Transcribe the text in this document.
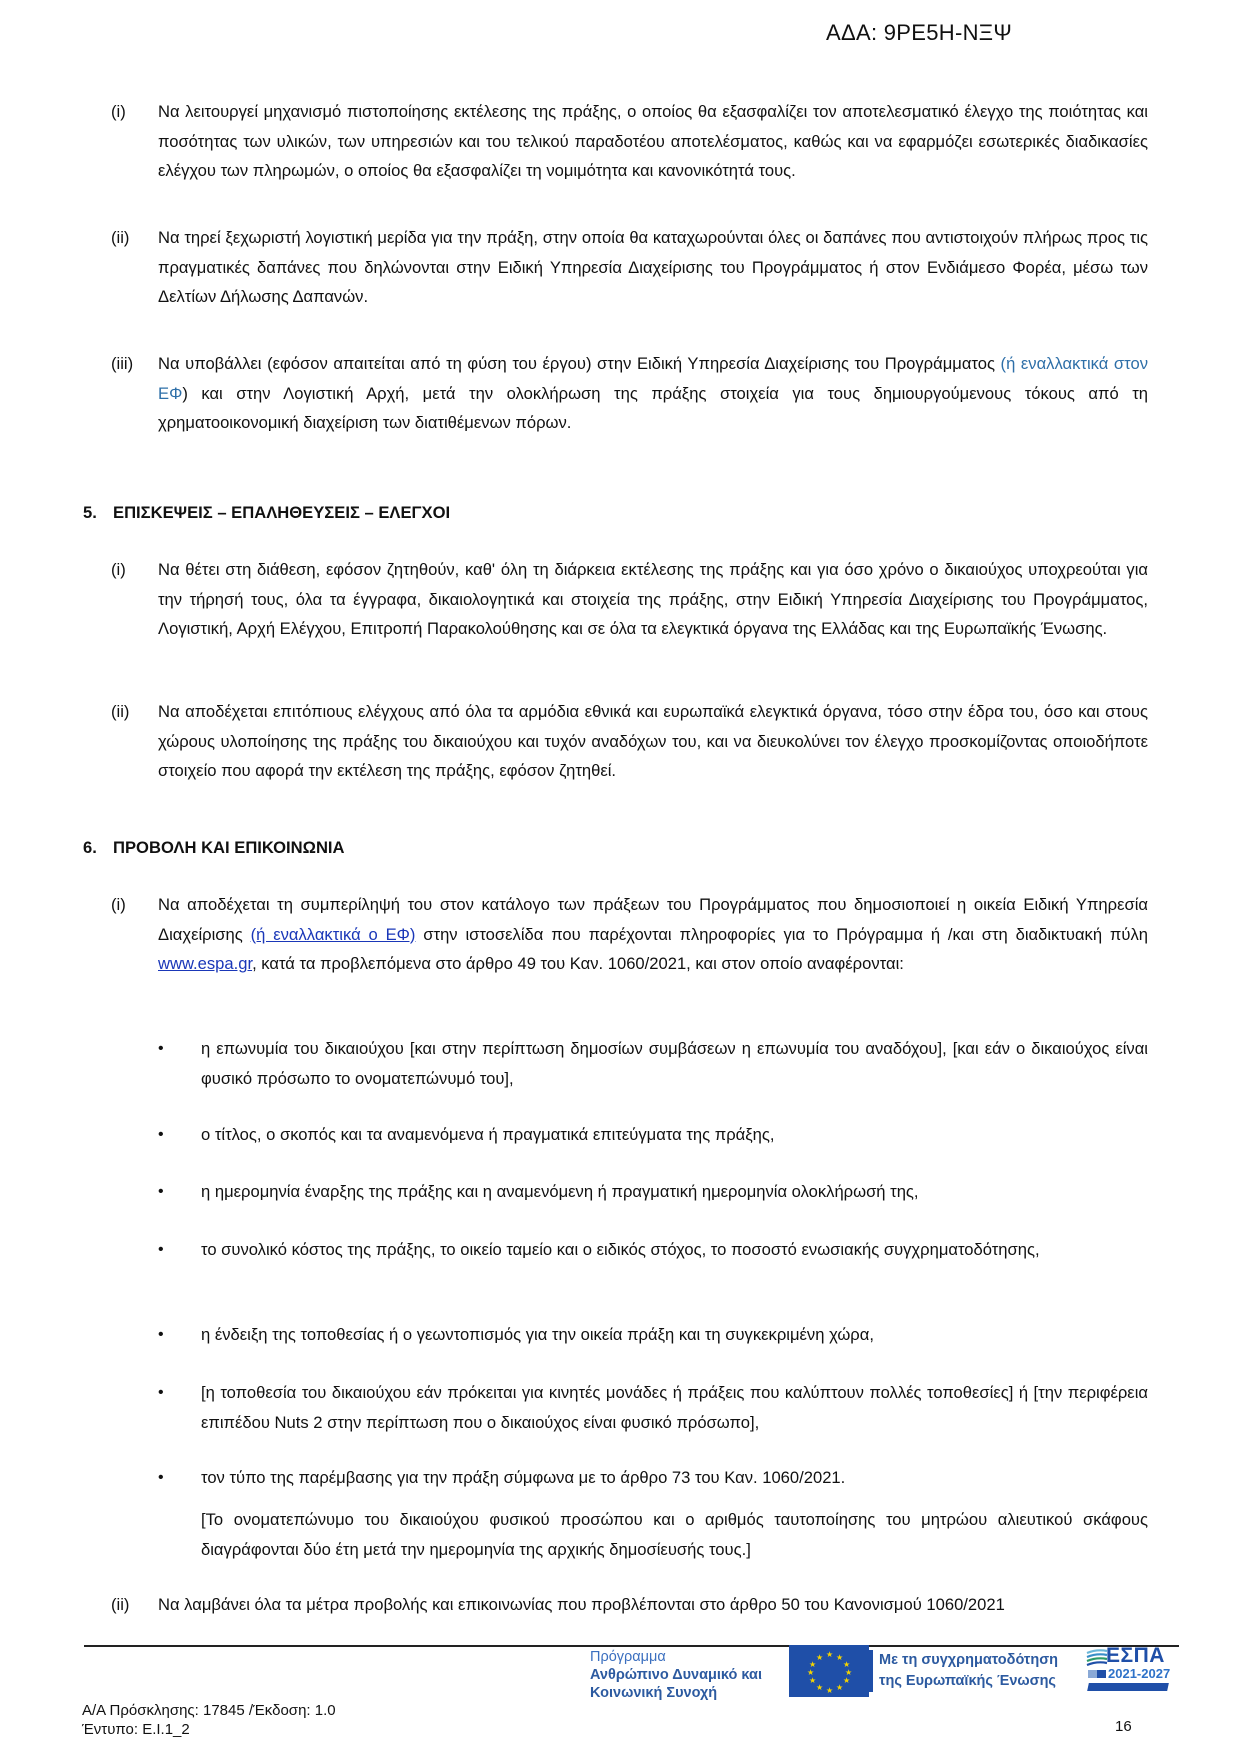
ΑΔΑ: 9ΡΕ5Η-ΝΞΨ
(i) Να λειτουργεί μηχανισμό πιστοποίησης εκτέλεσης της πράξης, ο οποίος θα εξασφαλίζει τον αποτελεσματικό έλεγχο της ποιότητας και ποσότητας των υλικών, των υπηρεσιών και του τελικού παραδοτέου αποτελέσματος, καθώς και να εφαρμόζει εσωτερικές διαδικασίες ελέγχου των πληρωμών, ο οποίος θα εξασφαλίζει τη νομιμότητα και κανονικότητά τους.
(ii) Να τηρεί ξεχωριστή λογιστική μερίδα για την πράξη, στην οποία θα καταχωρούνται όλες οι δαπάνες που αντιστοιχούν πλήρως προς τις πραγματικές δαπάνες που δηλώνονται στην Ειδική Υπηρεσία Διαχείρισης του Προγράμματος ή στον Ενδιάμεσο Φορέα, μέσω των Δελτίων Δήλωσης Δαπανών.
(iii) Να υποβάλλει (εφόσον απαιτείται από τη φύση του έργου) στην Ειδική Υπηρεσία Διαχείρισης του Προγράμματος (ή εναλλακτικά στον ΕΦ) και στην Λογιστική Αρχή, μετά την ολοκλήρωση της πράξης στοιχεία για τους δημιουργούμενους τόκους από τη χρηματοοικονομική διαχείριση των διατιθέμενων πόρων.
5. ΕΠΙΣΚΕΨΕΙΣ – ΕΠΑΛΗΘΕΥΣΕΙΣ – ΕΛΕΓΧΟΙ
(i) Να θέτει στη διάθεση, εφόσον ζητηθούν, καθ' όλη τη διάρκεια εκτέλεσης της πράξης και για όσο χρόνο ο δικαιούχος υποχρεούται για την τήρησή τους, όλα τα έγγραφα, δικαιολογητικά και στοιχεία της πράξης, στην Ειδική Υπηρεσία Διαχείρισης του Προγράμματος, Λογιστική, Αρχή Ελέγχου, Επιτροπή Παρακολούθησης και σε όλα τα ελεγκτικά όργανα της Ελλάδας και της Ευρωπαϊκής Ένωσης.
(ii) Να αποδέχεται επιτόπιους ελέγχους από όλα τα αρμόδια εθνικά και ευρωπαϊκά ελεγκτικά όργανα, τόσο στην έδρα του, όσο και στους χώρους υλοποίησης της πράξης του δικαιούχου και τυχόν αναδόχων του, και να διευκολύνει τον έλεγχο προσκομίζοντας οποιοδήποτε στοιχείο που αφορά την εκτέλεση της πράξης, εφόσον ζητηθεί.
6. ΠΡΟΒΟΛΗ ΚΑΙ ΕΠΙΚΟΙΝΩΝΙΑ
(i) Να αποδέχεται τη συμπερίληψή του στον κατάλογο των πράξεων του Προγράμματος που δημοσιοποιεί η οικεία Ειδική Υπηρεσία Διαχείρισης (ή εναλλακτικά ο ΕΦ) στην ιστοσελίδα που παρέχονται πληροφορίες για το Πρόγραμμα ή /και στη διαδικτυακή πύλη www.espa.gr, κατά τα προβλεπόμενα στο άρθρο 49 του Καν. 1060/2021, και στον οποίο αναφέρονται:
• η επωνυμία του δικαιούχου [και στην περίπτωση δημοσίων συμβάσεων η επωνυμία του αναδόχου], [και εάν ο δικαιούχος είναι φυσικό πρόσωπο το ονοματεπώνυμό του],
• ο τίτλος, ο σκοπός και τα αναμενόμενα ή πραγματικά επιτεύγματα της πράξης,
• η ημερομηνία έναρξης της πράξης και η αναμενόμενη ή πραγματική ημερομηνία ολοκλήρωσή της,
• το συνολικό κόστος της πράξης, το οικείο ταμείο και ο ειδικός στόχος, το ποσοστό ενωσιακής συγχρηματοδότησης,
• η ένδειξη της τοποθεσίας ή ο γεωντοπισμός για την οικεία πράξη και τη συγκεκριμένη χώρα,
• [η τοποθεσία του δικαιούχου εάν πρόκειται για κινητές μονάδες ή πράξεις που καλύπτουν πολλές τοποθεσίες] ή [την περιφέρεια επιπέδου Nuts 2 στην περίπτωση που ο δικαιούχος είναι φυσικό πρόσωπο],
• τον τύπο της παρέμβασης για την πράξη σύμφωνα με το άρθρο 73 του Καν. 1060/2021.
[Το ονοματεπώνυμο του δικαιούχου φυσικού προσώπου και ο αριθμός ταυτοποίησης του μητρώου αλιευτικού σκάφους διαγράφονται δύο έτη μετά την ημερομηνία της αρχικής δημοσίευσής τους.]
(ii) Να λαμβάνει όλα τα μέτρα προβολής και επικοινωνίας που προβλέπονται στο άρθρο 50 του Κανονισμού 1060/2021
Πρόγραμμα
Ανθρώπινο Δυναμικό και
Κοινωνική Συνοχή
★ ★
★
★
★
★
★
★
★
★
★
★	Με τη συγχρηματοδότηση
της Ευρωπαϊκής Ένωσης
ΕΣΠΑ
2021-2027
Α/Α Πρόσκλησης: 17845 /Έκδοση: 1.0
Έντυπο: Ε.Ι.1_2	16
